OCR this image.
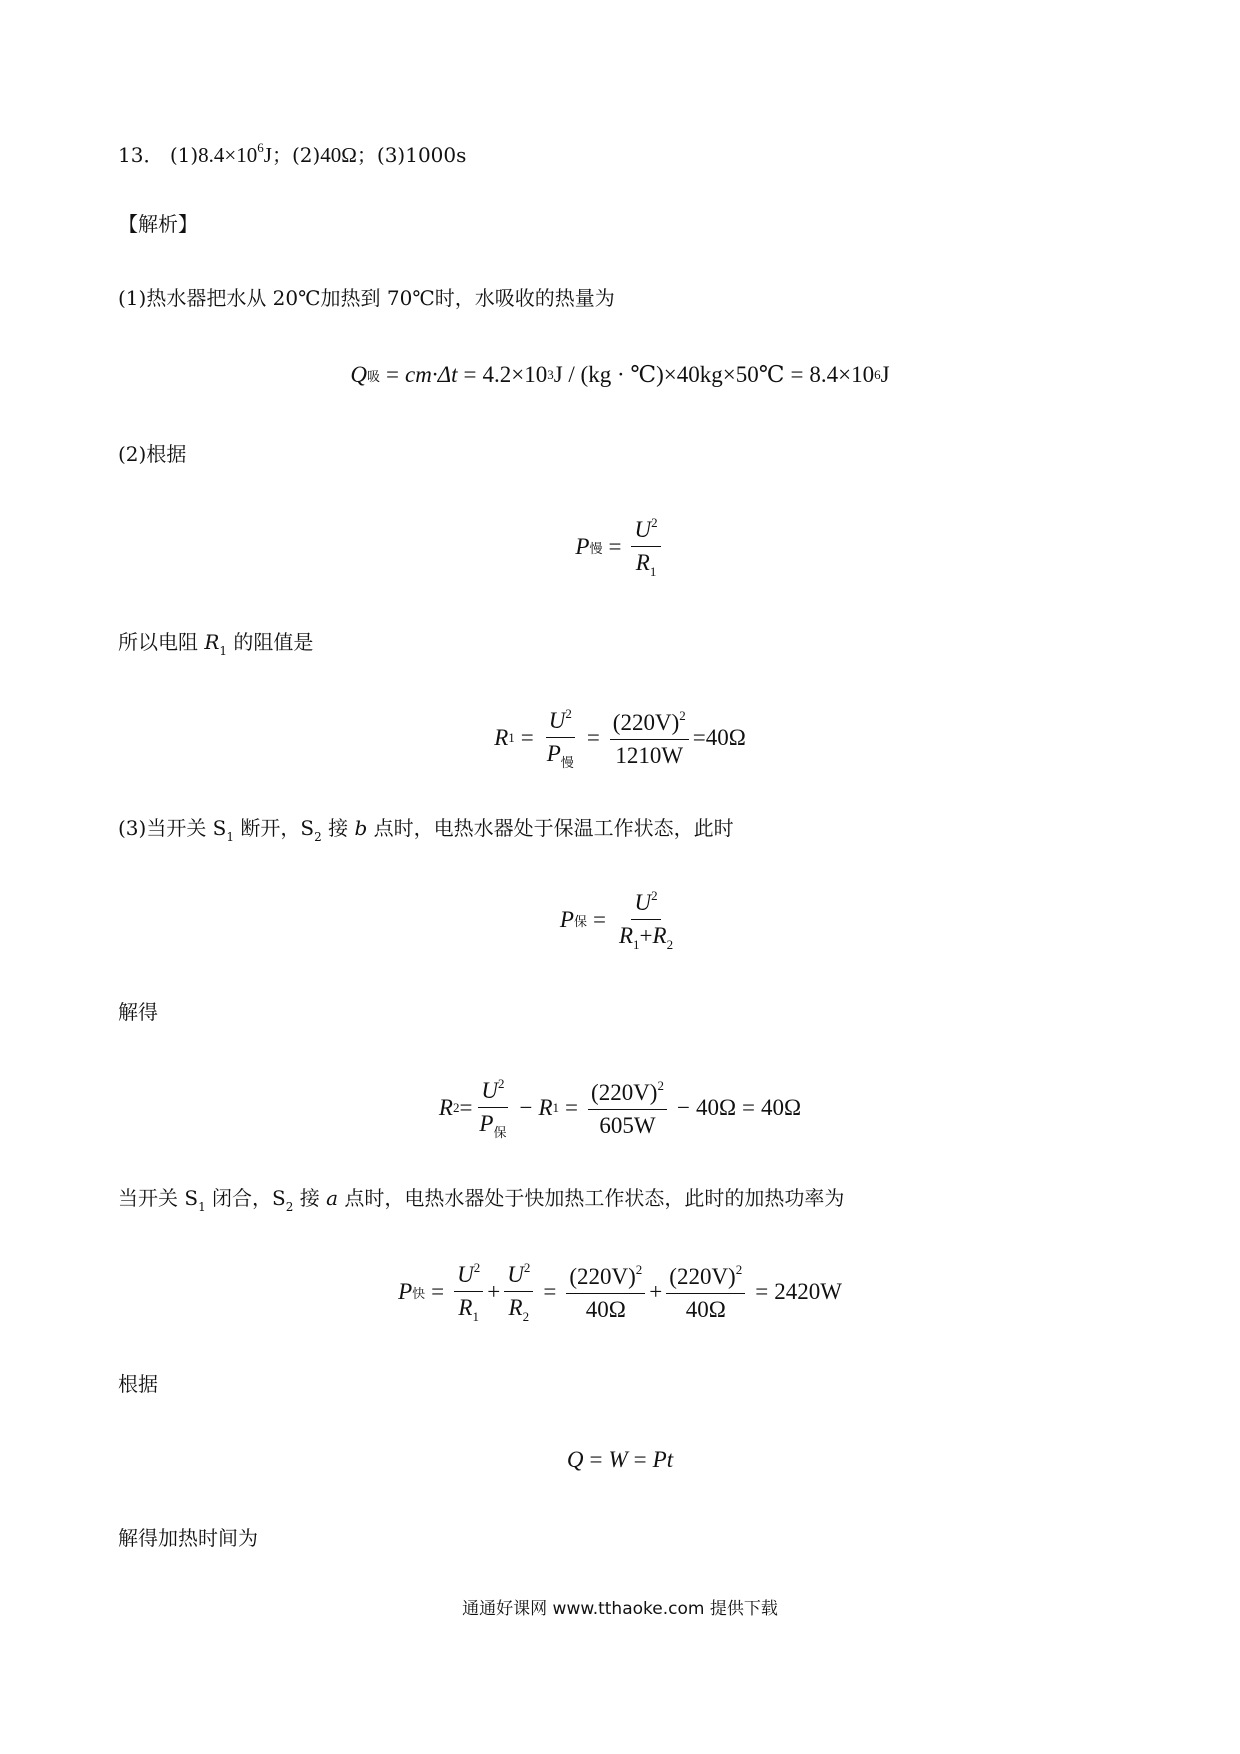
13． $(1)8.4\times 10^6J$；(2)40Ω；(3)1000s
【解析】
(1)热水器把水从 20℃加热到 70℃时，水吸收的热量为
Q 吸 = cm·Δt = 4.2×10 3 J / (kg · ℃) ×40kg×50℃ = 8.4×10 6 J
(2)根据
P 慢 = $\frac{U^2}{R_1}$
所以电阻 $R_1$ 的阻值是
R $1 = \frac{U^2}{P_慢} = \frac{(220V)^2}{1210W} = 40\Omega$
(3)当开关 $S_1$ 断开，$S_2$ 接 b 点时，电热水器处于保温工作状态，此时
P 保 = $\frac{U^2}{R_1+R_2}$
解得
R $2 = \frac{U^2}{P_保} - R$ $1 = \frac{(220V)^2}{605W} - 40\Omega = 40\Omega$
当开关 $S_1$ 闭合，$S_2$ 接 a 点时，电热水器处于快加热工作状态，此时的加热功率为
P 快 = $\frac{U^2}{R_1} + \frac{U^2}{R_2} = \frac{(220V)^2}{40\Omega} + \frac{(220V)^2}{40\Omega} = 2420W$
根据
Q = W = P t
解得加热时间为
通通好课网 www.tthaoke.com 提供下载
